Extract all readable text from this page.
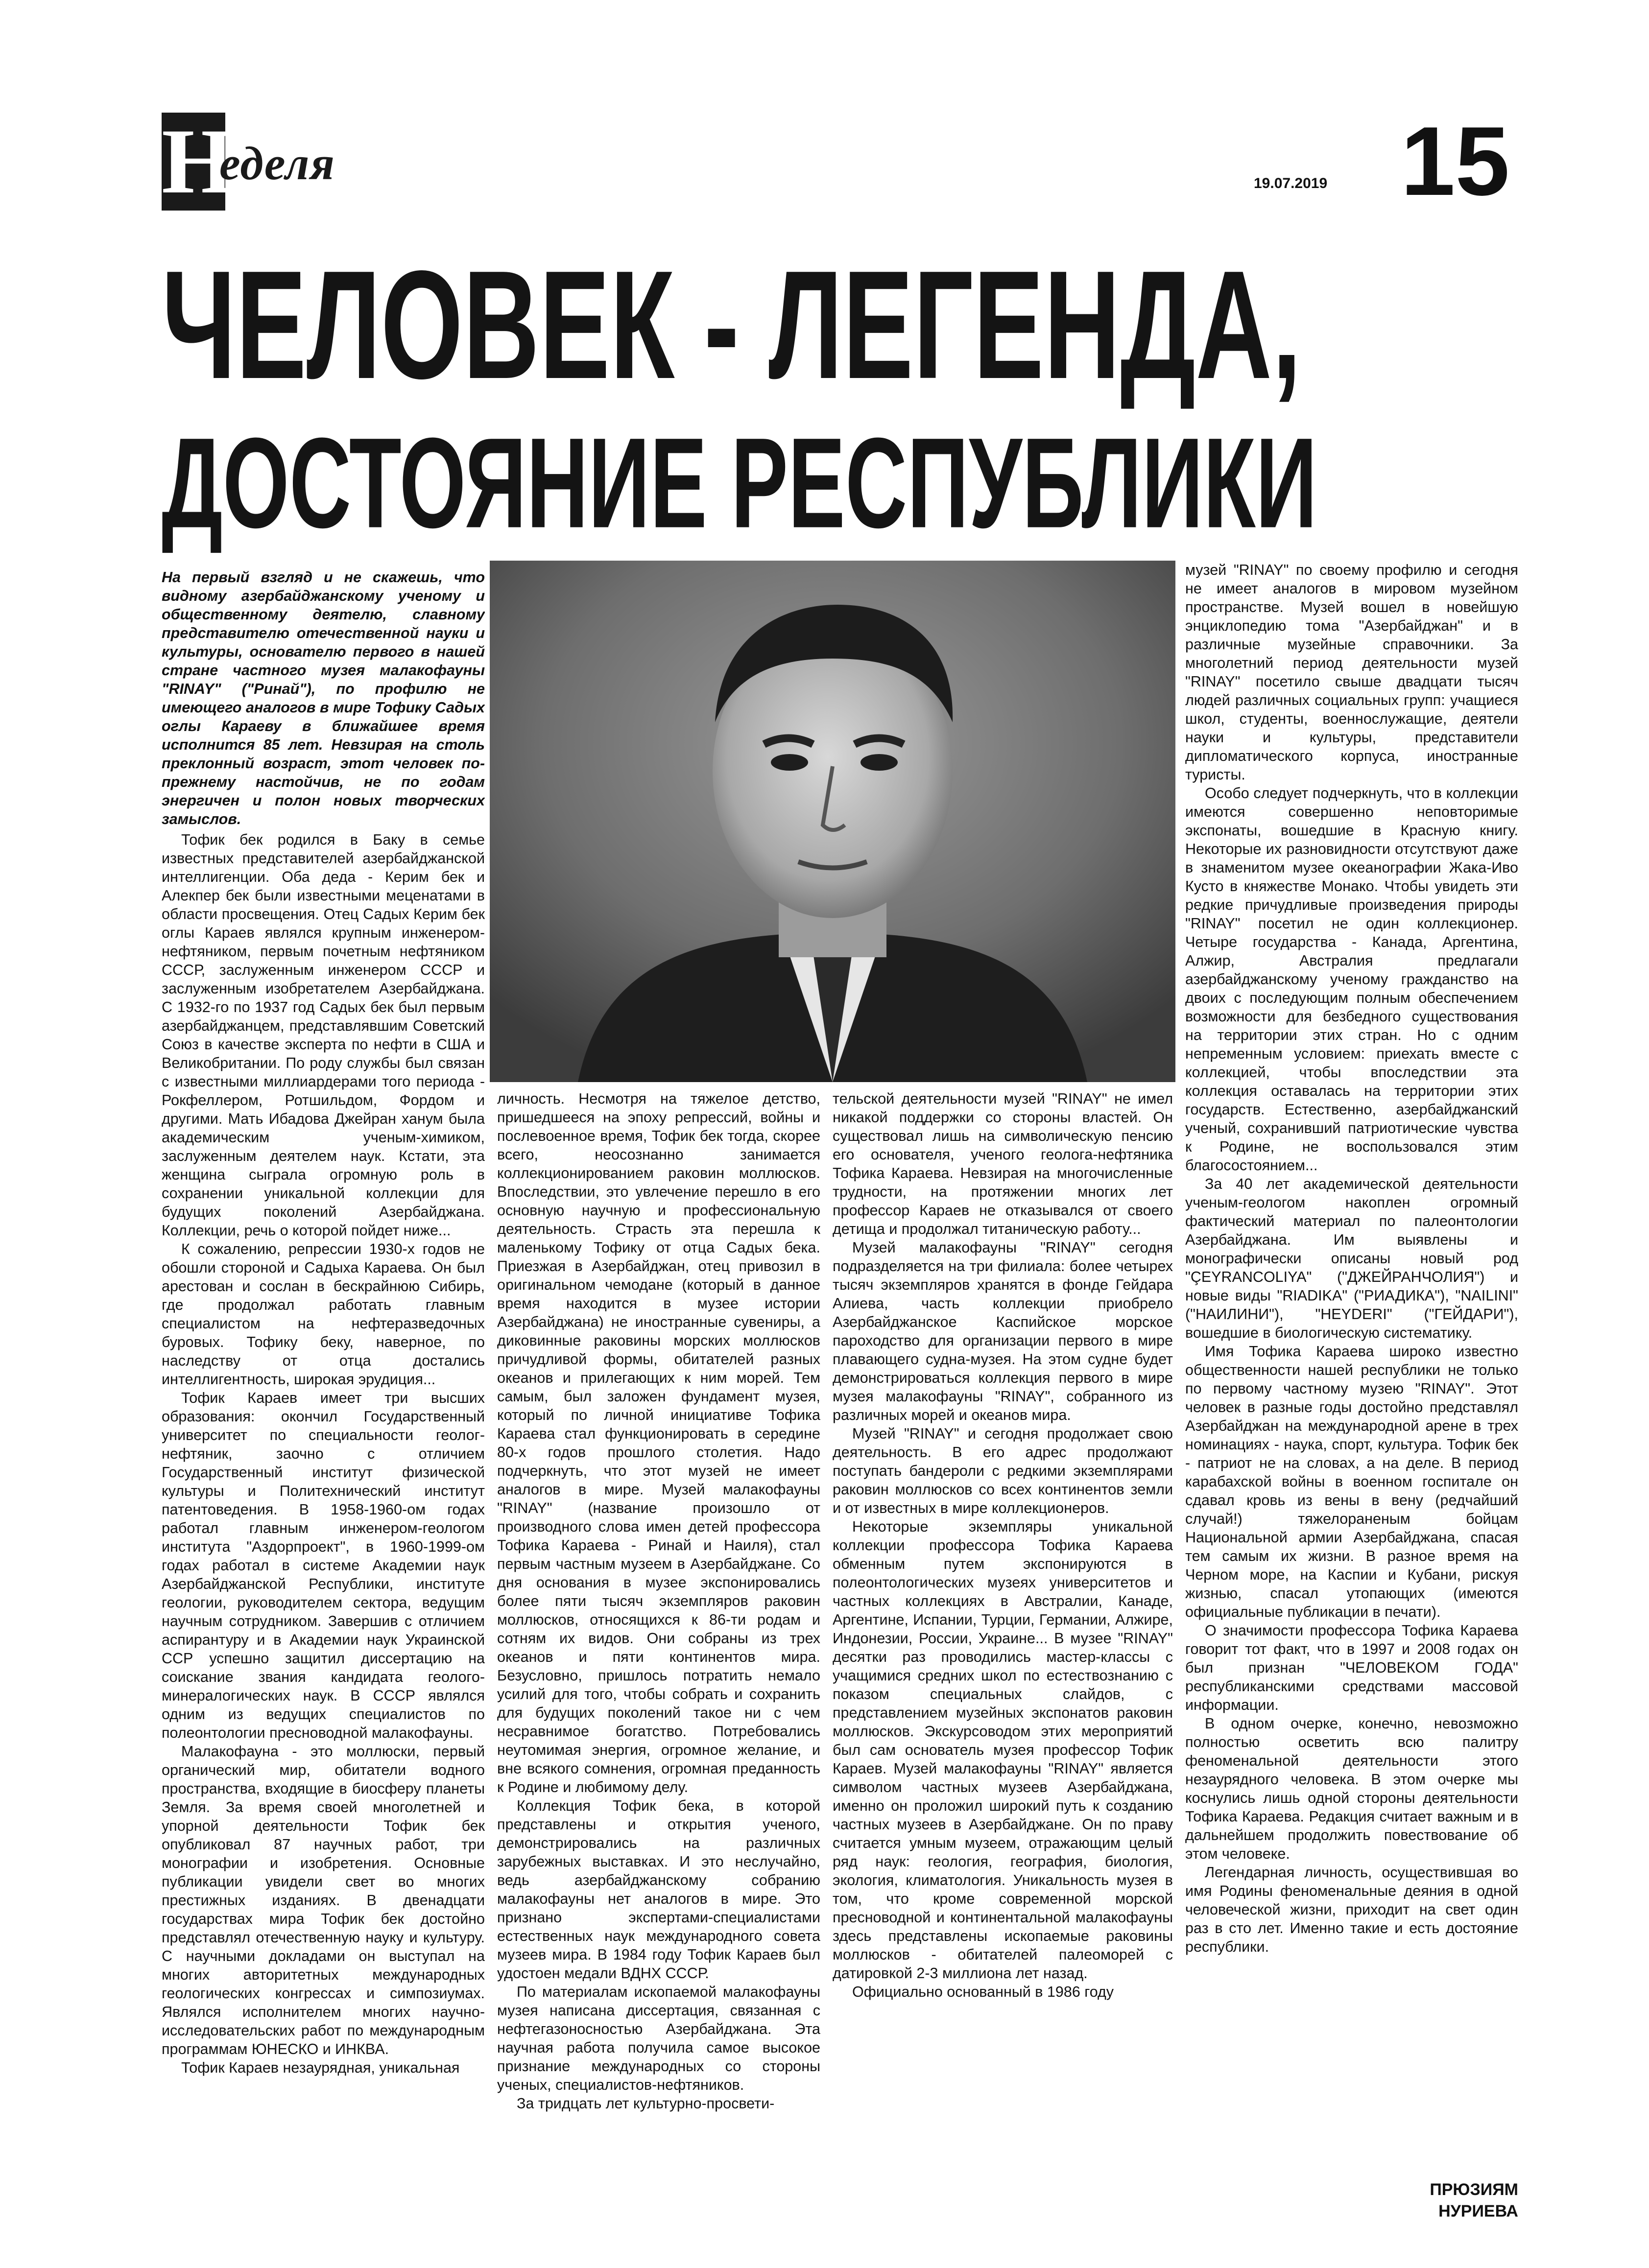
Н
еделя	19.07.2019 15
ЧЕЛОВЕК - ЛЕГЕНДА,
ДОСТОЯНИЕ РЕСПУБЛИКИ

На первый взгляд и не скажешь, что видному азербайджанскому ученому и общественному деятелю, славному представителю отечественной науки и культуры, основателю первого в нашей стране частного музея малакофауны "RINAY" ("Ринай"), по профилю не имеющего аналогов в мире Тофику Садых оглы Караеву в ближайшее время исполнится 85 лет. Невзирая на столь преклонный возраст, этот человек по-прежнему настойчив, не по годам энергичен и полон новых творческих замыслов.

Тофик бек родился в Баку в семье известных представителей азербайджанской интеллигенции. Оба деда - Керим бек и Алекпер бек были известными меценатами в области просвещения. Отец Садых Керим бек оглы Караев являлся крупным инженером-нефтяником, первым почетным нефтяником СССР, заслуженным инженером СССР и заслуженным изобретателем Азербайджана. С 1932-го по 1937 год Садых бек был первым азербайджанцем, представлявшим Советский Союз в качестве эксперта по нефти в США и Великобритании. По роду службы был связан с известными миллиардерами того периода - Рокфеллером, Ротшильдом, Фордом и другими. Мать Ибадова Джейран ханум была академическим ученым-химиком, заслуженным деятелем наук. Кстати, эта женщина сыграла огромную роль в сохранении уникальной коллекции для будущих поколений Азербайджана. Коллекции, речь о которой пойдет ниже...

К сожалению, репрессии 1930-х годов не обошли стороной и Садыха Караева. Он был арестован и сослан в бескрайнюю Сибирь, где продолжал работать главным специалистом на нефтеразведочных буровых. Тофику беку, наверное, по наследству от отца достались интеллигентность, широкая эрудиция...

Тофик Караев имеет три высших образования: окончил Государственный университет по специальности геолог-нефтяник, заочно с отличием Государственный институт физической культуры и Политехнический институт патентоведения. В 1958-1960-ом годах работал главным инженером-геологом института "Аздорпроект", в 1960-1999-ом годах работал в системе Академии наук Азербайджанской Республики, институте геологии, руководителем сектора, ведущим научным сотрудником. Завершив с отличием аспирантуру и в Академии наук Украинской ССР успешно защитил диссертацию на соискание звания кандидата геолого-минералогических наук. В СССР являлся одним из ведущих специалистов по полеонтологии пресноводной малакофауны.

Малакофауна - это моллюски, первый органический мир, обитатели водного пространства, входящие в биосферу планеты Земля. За время своей многолетней и упорной деятельности Тофик бек опубликовал 87 научных работ, три монографии и изобретения. Основные публикации увидели свет во многих престижных изданиях. В двенадцати государствах мира Тофик бек достойно представлял отечественную науку и культуру. С научными докладами он выступал на многих авторитетных международных геологических конгрессах и симпозиумах. Являлся исполнителем многих научно-исследовательских работ по международным программам ЮНЕСКО и ИНКВА.

Тофик Караев незаурядная, уникальная

личность. Несмотря на тяжелое детство, пришедшееся на эпоху репрессий, войны и послевоенное время, Тофик бек тогда, скорее всего, неосознанно занимается коллекционированием раковин моллюсков. Впоследствии, это увлечение перешло в его основную научную и профессиональную деятельность. Страсть эта перешла к маленькому Тофику от отца Садых бека. Приезжая в Азербайджан, отец привозил в оригинальном чемодане (который в данное время находится в музее истории Азербайджана) не иностранные сувениры, а диковинные раковины морских моллюсков причудливой формы, обитателей разных океанов и прилегающих к ним морей. Тем самым, был заложен фундамент музея, который по личной инициативе Тофика Караева стал функционировать в середине 80-х годов прошлого столетия. Надо подчеркнуть, что этот музей не имеет аналогов в мире. Музей малакофауны "RINAY" (название произошло от производного слова имен детей профессора Тофика Караева - Ринай и Наиля), стал первым частным музеем в Азербайджане. Со дня основания в музее экспонировались более пяти тысяч экземпляров раковин моллюсков, относящихся к 86-ти родам и сотням их видов. Они собраны из трех океанов и пяти континентов мира. Безусловно, пришлось потратить немало усилий для того, чтобы собрать и сохранить для будущих поколений такое ни с чем несравнимое богатство. Потребовались неутомимая энергия, огромное желание, и вне всякого сомнения, огромная преданность к Родине и любимому делу.

Коллекция Тофик бека, в которой представлены и открытия ученого, демонстрировались на различных зарубежных выставках. И это неслучайно, ведь азербайджанскому собранию малакофауны нет аналогов в мире. Это признано экспертами-специалистами естественных наук международного совета музеев мира. В 1984 году Тофик Караев был удостоен медали ВДНХ СССР.

По материалам ископаемой малакофауны музея написана диссертация, связанная с нефтегазоносностью Азербайджана. Эта научная работа получила самое высокое признание международных со стороны ученых, специалистов-нефтяников.

За тридцать лет культурно-просвети-

тельской деятельности музей "RINAY" не имел никакой поддержки со стороны властей. Он существовал лишь на символическую пенсию его основателя, ученого геолога-нефтяника Тофика Караева. Невзирая на многочисленные трудности, на протяжении многих лет профессор Караев не отказывался от своего детища и продолжал титаническую работу...

Музей малакофауны "RINAY" сегодня подразделяется на три филиала: более четырех тысяч экземпляров хранятся в фонде Гейдара Алиева, часть коллекции приобрело Азербайджанское Каспийское морское пароходство для организации первого в мире плавающего судна-музея. На этом судне будет демонстрироваться коллекция первого в мире музея малакофауны "RINAY", собранного из различных морей и океанов мира.

Музей "RINAY" и сегодня продолжает свою деятельность. В его адрес продолжают поступать бандероли с редкими экземплярами раковин моллюсков со всех континентов земли и от известных в мире коллекционеров.

Некоторые экземпляры уникальной коллекции профессора Тофика Караева обменным путем экспонируются в полеонтологических музеях университетов и частных коллекциях в Австралии, Канаде, Аргентине, Испании, Турции, Германии, Алжире, Индонезии, России, Украине... В музее "RINAY" десятки раз проводились мастер-классы с учащимися средних школ по естествознанию с показом специальных слайдов, с представлением музейных экспонатов раковин моллюсков. Экскурсоводом этих мероприятий был сам основатель музея профессор Тофик Караев. Музей малакофауны "RINAY" является символом частных музеев Азербайджана, именно он проложил широкий путь к созданию частных музеев в Азербайджане. Он по праву считается умным музеем, отражающим целый ряд наук: геология, география, биология, экология, климатология. Уникальность музея в том, что кроме современной морской пресноводной и континентальной малакофауны здесь представлены ископаемые раковины моллюсков - обитателей палеоморей с датировкой 2-3 миллиона лет назад.

Официально основанный в 1986 году

музей "RINAY" по своему профилю и сегодня не имеет аналогов в мировом музейном пространстве. Музей вошел в новейшую энциклопедию тома "Азербайджан" и в различные музейные справочники. За многолетний период деятельности музей "RINAY" посетило свыше двадцати тысяч людей различных социальных групп: учащиеся школ, студенты, военнослужащие, деятели науки и культуры, представители дипломатического корпуса, иностранные туристы.

Особо следует подчеркнуть, что в коллекции имеются совершенно неповторимые экспонаты, вошедшие в Красную книгу. Некоторые их разновидности отсутствуют даже в знаменитом музее океанографии Жака-Иво Кусто в княжестве Монако. Чтобы увидеть эти редкие причудливые произведения природы "RINAY" посетил не один коллекционер. Четыре государства - Канада, Аргентина, Алжир, Австралия предлагали азербайджанскому ученому гражданство на двоих с последующим полным обеспечением возможности для безбедного существования на территории этих стран. Но с одним непременным условием: приехать вместе с коллекцией, чтобы впоследствии эта коллекция оставалась на территории этих государств. Естественно, азербайджанский ученый, сохранивший патриотические чувства к Родине, не воспользовался этим благосостоянием...

За 40 лет академической деятельности ученым-геологом накоплен огромный фактический материал по палеонтологии Азербайджана. Им выявлены и монографически описаны новый род "ÇEYRANCOLIYA" ("ДЖЕЙРАНЧОЛИЯ") и новые виды "RIADIKA" ("РИАДИКА"), "NAILINI" ("НАИЛИНИ"), "HEYDERI" ("ГЕЙДАРИ"), вошедшие в биологическую систематику.

Имя Тофика Караева широко известно общественности нашей республики не только по первому частному музею "RINAY". Этот человек в разные годы достойно представлял Азербайджан на международной арене в трех номинациях - наука, спорт, культура. Тофик бек - патриот не на словах, а на деле. В период карабахской войны в военном госпитале он сдавал кровь из вены в вену (редчайший случай!) тяжелораненым бойцам Национальной армии Азербайджана, спасая тем самым их жизни. В разное время на Черном море, на Каспии и Кубани, рискуя жизнью, спасал утопающих (имеются официальные публикации в печати).

О значимости профессора Тофика Караева говорит тот факт, что в 1997 и 2008 годах он был признан "ЧЕЛОВЕКОМ ГОДА" республиканскими средствами массовой информации.

В одном очерке, конечно, невозможно полностью осветить всю палитру феноменальной деятельности этого незаурядного человека. В этом очерке мы коснулись лишь одной стороны деятельности Тофика Караева. Редакция считает важным и в дальнейшем продолжить повествование об этом человеке.

Легендарная личность, осуществившая во имя Родины феноменальные деяния в одной человеческой жизни, приходит на свет один раз в сто лет. Именно такие и есть достояние республики.

ПРЮЗИЯМ
НУРИЕВА
